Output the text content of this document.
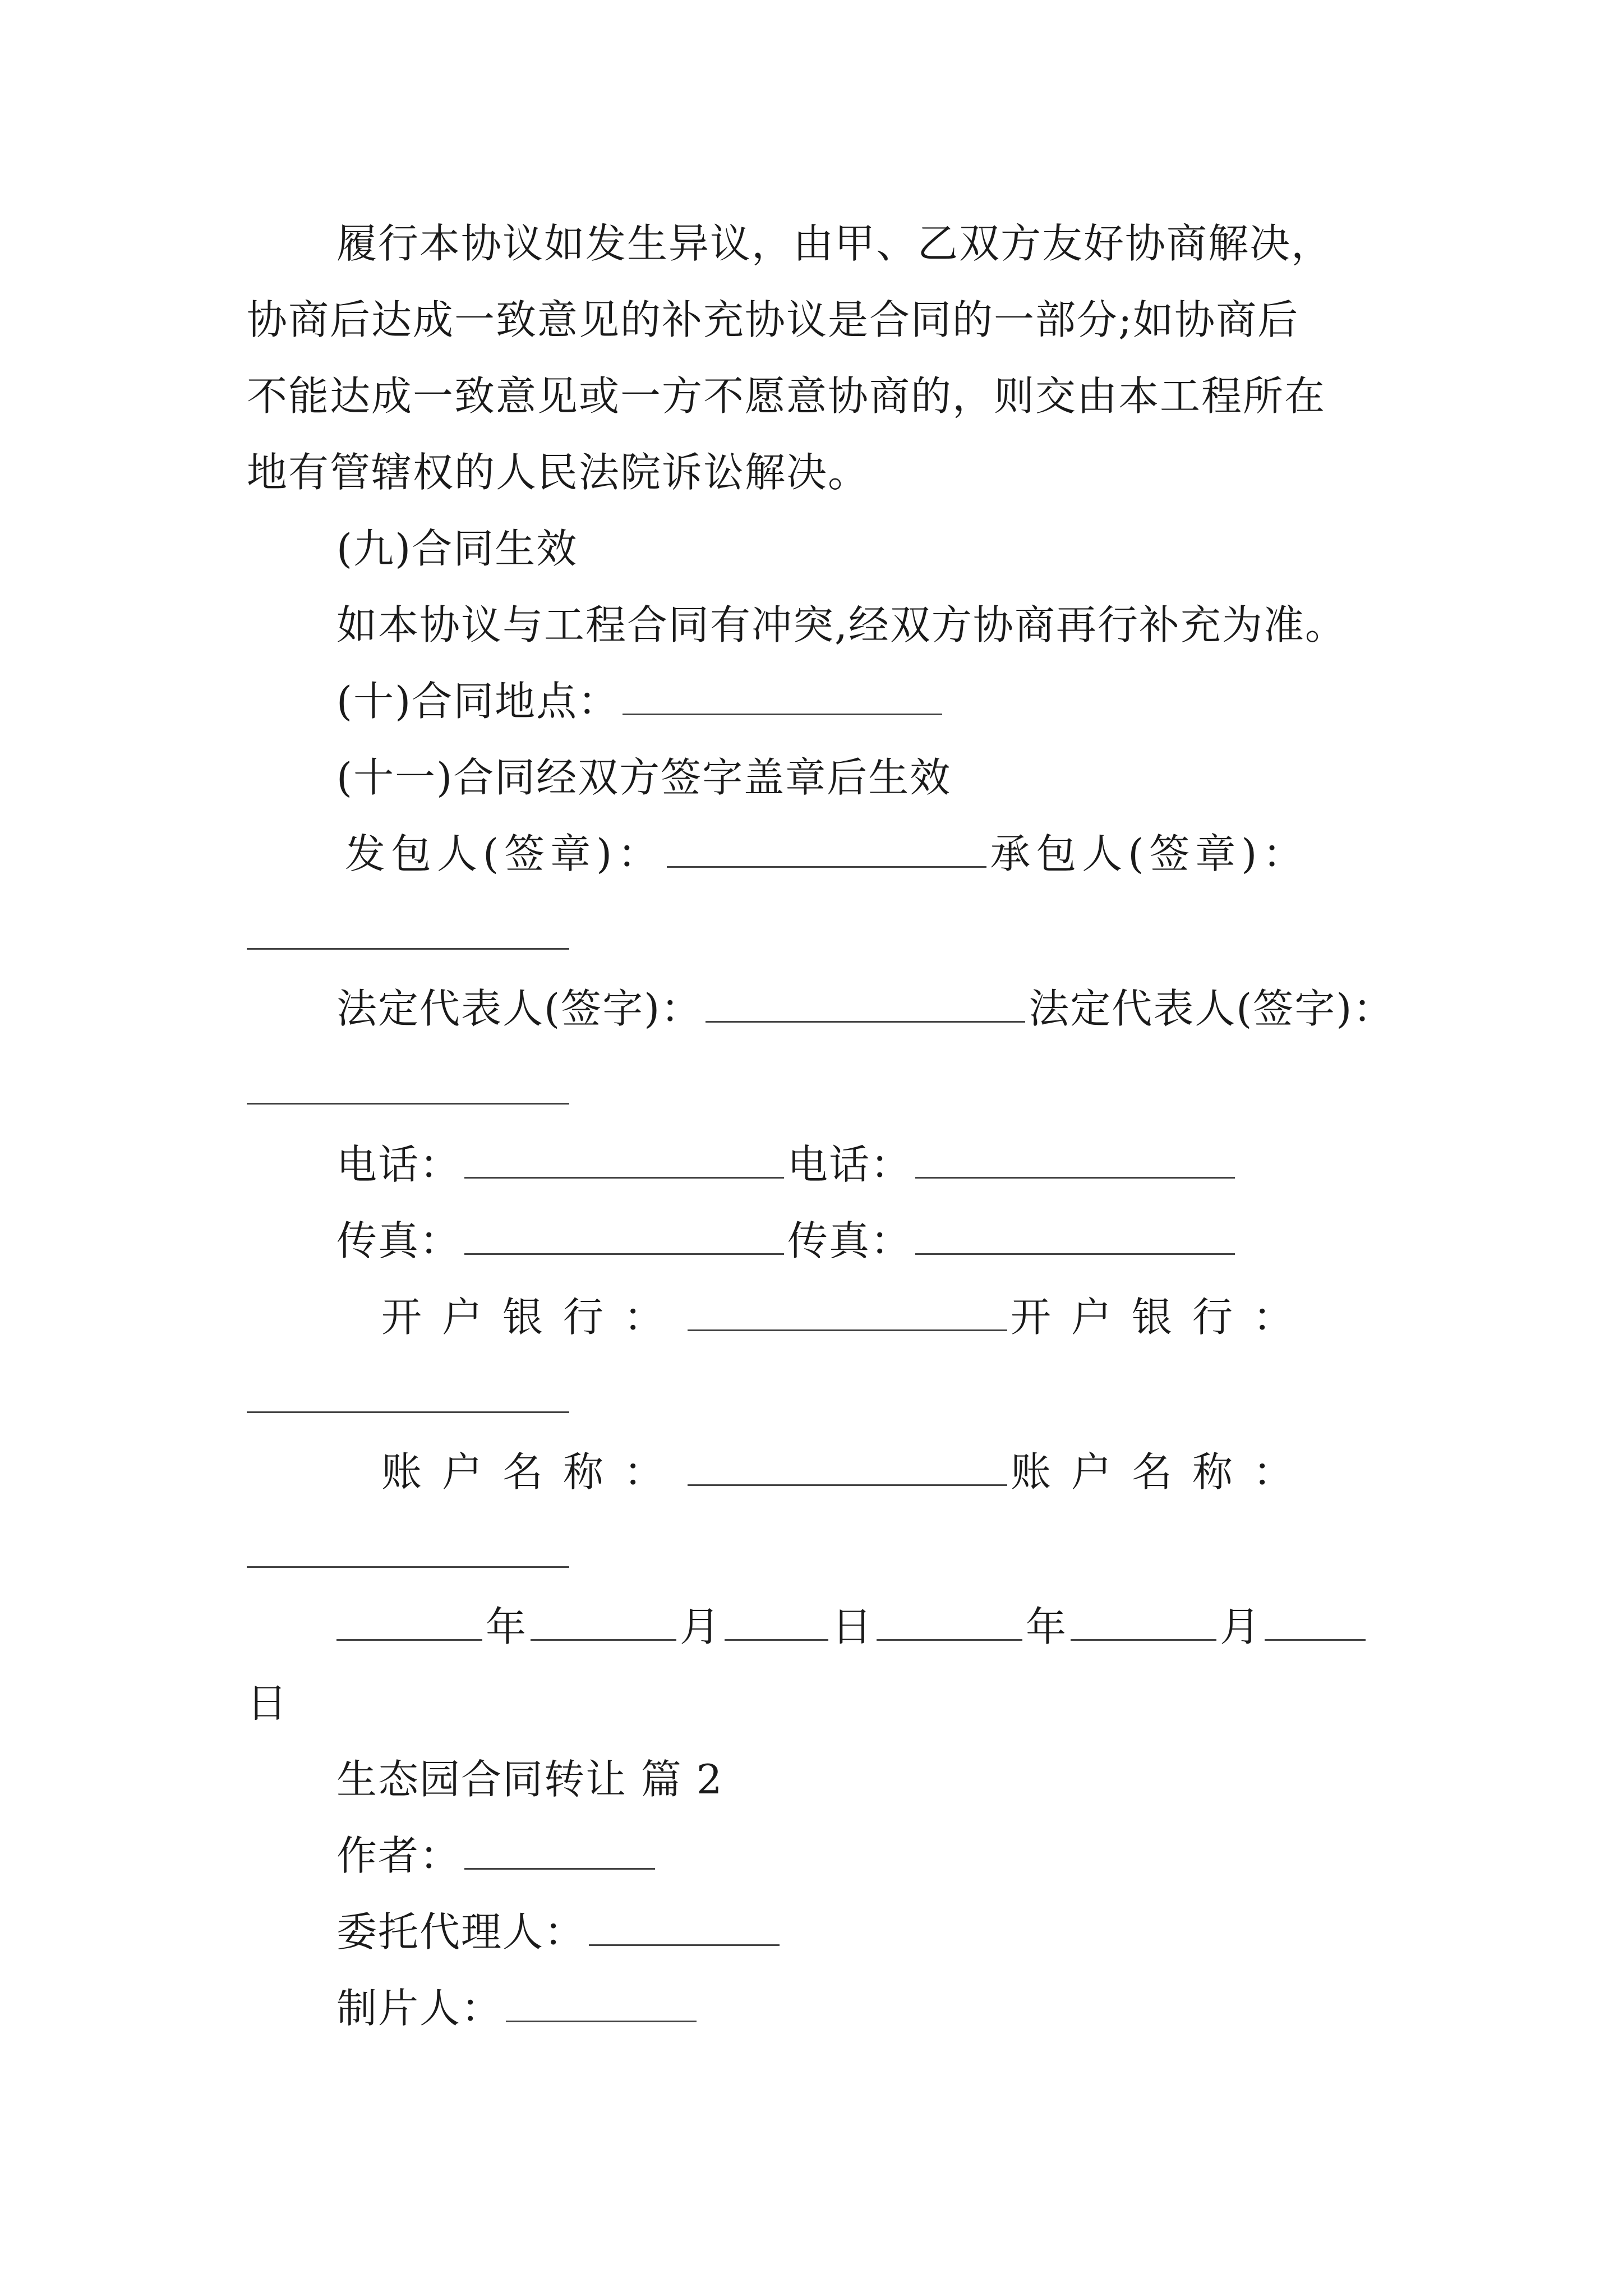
履行本协议如发生异议，由甲、乙双方友好协商解决，
协商后达成一致意见的补充协议是合同的一部分;如协商后
不能达成一致意见或一方不愿意协商的，则交由本工程所在
地有管辖权的人民法院诉讼解决。
(九)合同生效
如本协议与工程合同有冲突,经双方协商再行补充为准。
(十)合同地点：
(十一)合同经双方签字盖章后生效
发包人(签章)：	承包人(签章)：
法定代表人(签字)：	法定代表人(签字)：
电话：	电话：
传真：	传真：
开户银行：	开户银行：
账户名称：	账户名称：
年	月	日	年	月
日
生态园合同转让 篇 2
作者：
委托代理人：
制片人：
